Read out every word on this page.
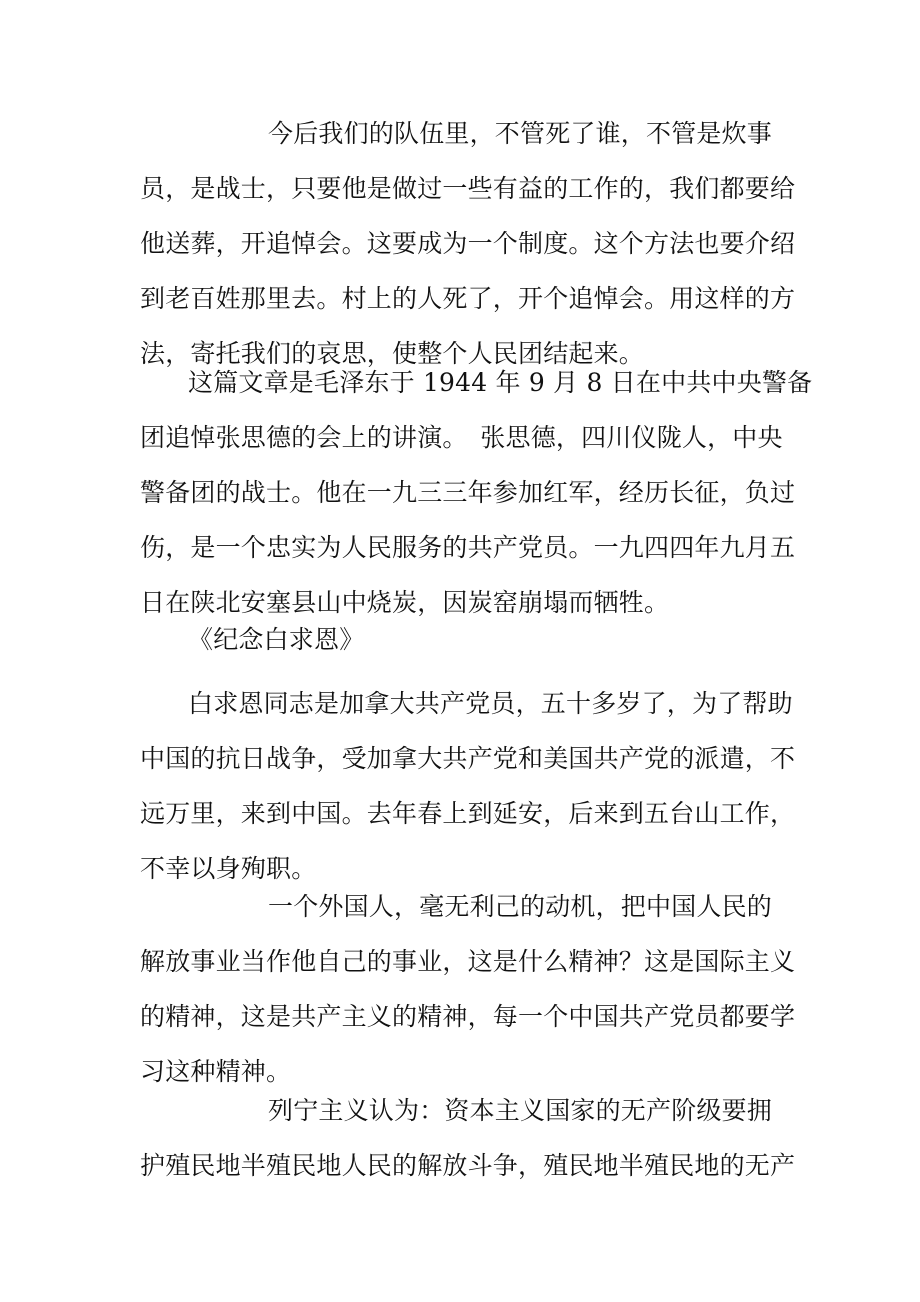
今后我们的队伍里，不管死了谁，不管是炊事
员，是战士，只要他是做过一些有益的工作的，我们都要给
他送葬，开追悼会。这要成为一个制度。这个方法也要介绍
到老百姓那里去。村上的人死了，开个追悼会。用这样的方
法，寄托我们的哀思，使整个人民团结起来。
这篇文章是毛泽东于 1944 年 9 月 8 日在中共中央警备
团追悼张思德的会上的讲演。　张思德，四川仪陇人，中央
警备团的战士。他在一九三三年参加红军，经历长征，负过
伤，是一个忠实为人民服务的共产党员。一九四四年九月五
日在陕北安塞县山中烧炭，因炭窑崩塌而牺牲。
《纪念白求恩》
白求恩同志是加拿大共产党员，五十多岁了，为了帮助
中国的抗日战争，受加拿大共产党和美国共产党的派遣，不
远万里，来到中国。去年春上到延安，后来到五台山工作，
不幸以身殉职。
一个外国人，毫无利己的动机，把中国人民的
解放事业当作他自己的事业，这是什么精神？这是国际主义
的精神，这是共产主义的精神，每一个中国共产党员都要学
习这种精神。
列宁主义认为：资本主义国家的无产阶级要拥
护殖民地半殖民地人民的解放斗争，殖民地半殖民地的无产
